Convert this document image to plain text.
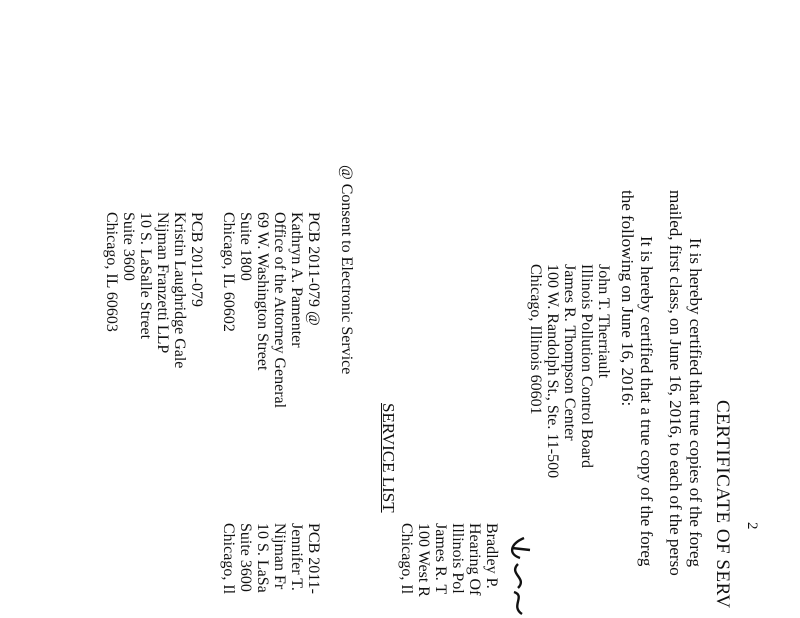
2
CERTIFICATE OF SERV
It is hereby certified that true copies of the foreg
mailed, first class, on June 16, 2016, to each of the perso
It is hereby certified that a true copy of the foreg
the following on June 16, 2016:
John T. Therriault
Illinois Pollution Control Board
James R. Thompson Center
100 W. Randolph St., Ste. 11-500
Chicago, Illinois 60601
Bradley P.
Hearing Of
Illinois Pol
James R. T
100 West R
Chicago, Il
SERVICE LIST
@ Consent to Electronic Service
PCB 2011-079 @
Kathryn A. Pamenter
Office of the Attorney General
69 W. Washington Street
Suite 1800
Chicago, IL 60602
PCB 2011-079
Kristin Laughridge Gale
Nijman Franzetti LLP
10 S. LaSalle Street
Suite 3600
Chicago, IL 60603
PCB 2011-
Jennifer T.
Nijman Fr
10 S. LaSa
Suite 3600
Chicago, Il
